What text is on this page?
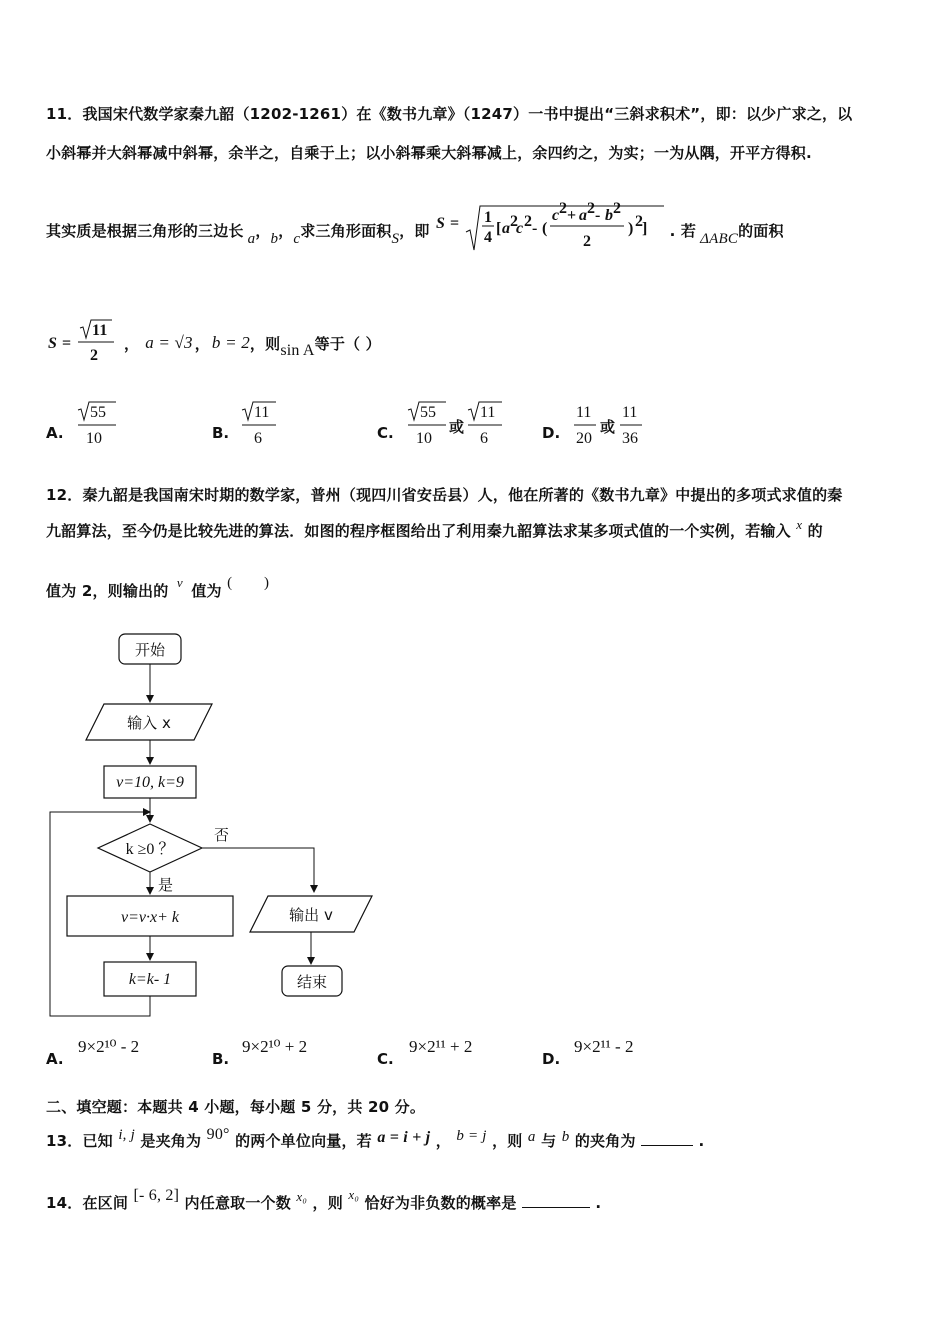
11．我国宋代数学家秦九韶（1202-1261）在《数书九章》（1247）一书中提出“三斜求积术”，即：以少广求之，以
小斜幂并大斜幂减中斜幂，余半之，自乘于上；以小斜幂乘大斜幂减上，余四约之，为实；一为从隅，开平方得积.
其实质是根据三角形的三边长 a ， b ， c 求三角形面积 S ，即 S = 1
4
[ a 2
c 2 - (
c 2 + a 2 - b 2
2
) 2
] . 若 ΔABC 的面积
S =
11
2
， a = √3 ， b = 2 ，则 sin A 等于（ ）
A.
55
10	B.
11
6	C.
55
10
或
11
6	D.
11
20
或
11
36
12．秦九韶是我国南宋时期的数学家，普州（现四川省安岳县）人，他在所著的《数书九章》中提出的多项式求值的秦
九韶算法，至今仍是比较先进的算法．如图的程序框图给出了利用秦九韶算法求某多项式值的一个实例，若输入 x 的
值为 2，则输出的 v 值为 (        )
开始
输入 x
v=10, k=9
k ≥0 ？
否
是
v=v·x+ k
k=k- 1
输出 v
结束
A.
9×2¹⁰ - 2
B.
9×2¹⁰ + 2
C.
9×2¹¹ + 2
D.
9×2¹¹ - 2
二、填空题：本题共 4 小题，每小题 5 分，共 20 分。
13．已知 i, j 是夹角为 90° 的两个单位向量，若 a = i + j ， b = j ，则 a 与 b 的夹角为	.
14．在区间 [- 6, 2] 内任意取一个数 x₀ ，则 x₀ 恰好为非负数的概率是	.
